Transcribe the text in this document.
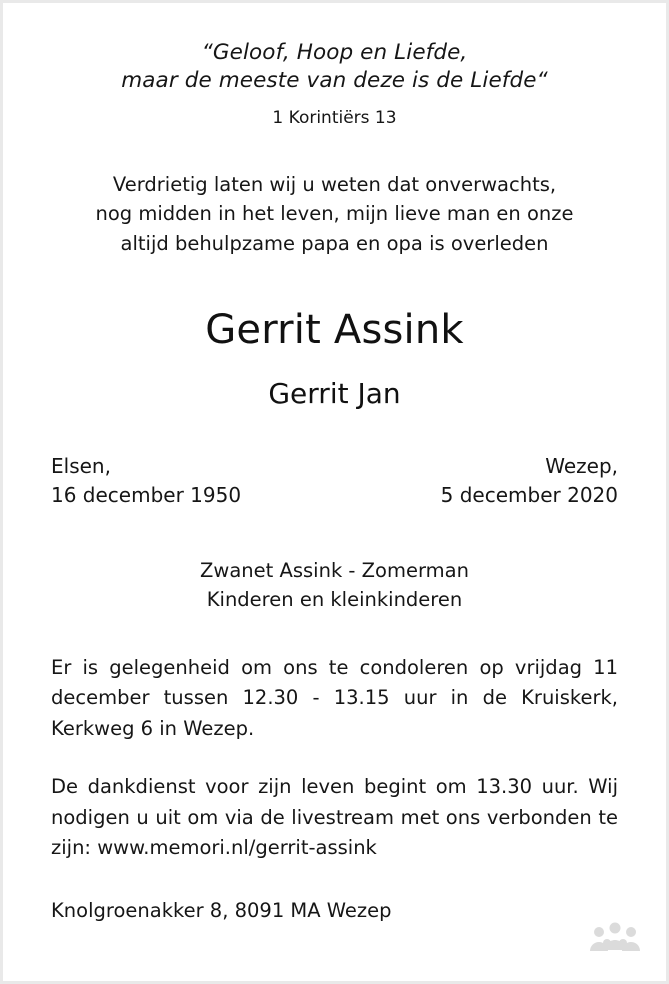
“Geloof, Hoop en Liefde,
maar de meeste van deze is de Liefde“
1 Korintiërs 13
Verdrietig laten wij u weten dat onverwachts,
nog midden in het leven, mijn lieve man en onze
altijd behulpzame papa en opa is overleden
Gerrit Assink
Gerrit Jan
Elsen,
16 december 1950
Wezep,
5 december 2020
Zwanet Assink - Zomerman
Kinderen en kleinkinderen
Er is gelegenheid om ons te condoleren op vrijdag 11 december tussen 12.30 - 13.15 uur in de Kruiskerk, Kerkweg 6 in Wezep.
De dankdienst voor zijn leven begint om 13.30 uur. Wij nodigen u uit om via de livestream met ons verbonden te zijn: www.memori.nl/gerrit-assink
Knolgroenakker 8, 8091 MA Wezep
